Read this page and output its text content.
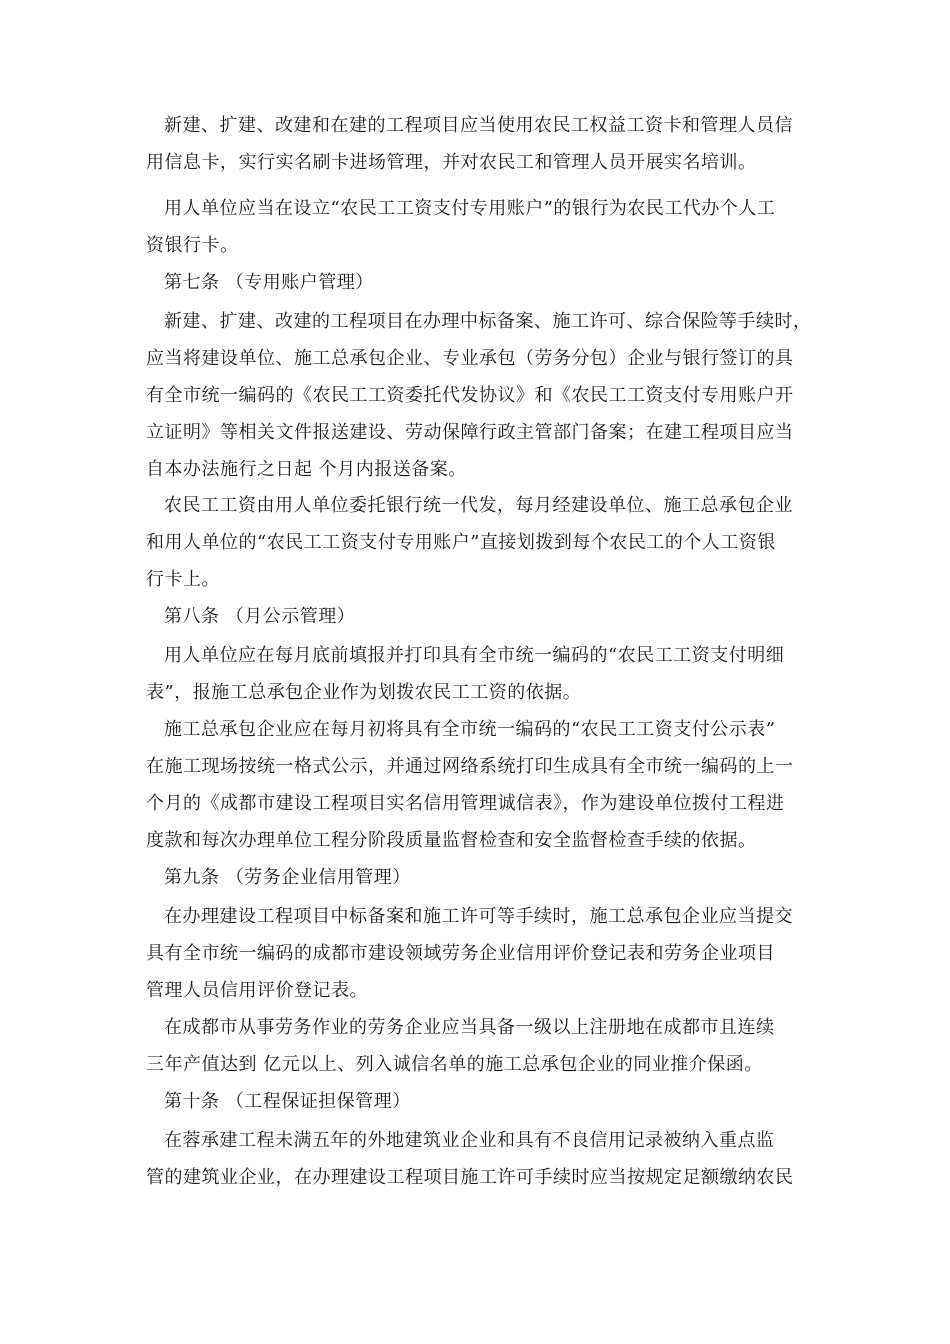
新建、扩建、改建和在建的工程项目应当使用农民工权益工资卡和管理人员信
用信息卡，实行实名刷卡进场管理，并对农民工和管理人员开展实名培训。
用人单位应当在设立“农民工工资支付专用账户”的银行为农民工代办个人工
资银行卡。
第七条 （专用账户管理）
新建、扩建、改建的工程项目在办理中标备案、施工许可、综合保险等手续时，
应当将建设单位、施工总承包企业、专业承包（劳务分包）企业与银行签订的具
有全市统一编码的《农民工工资委托代发协议》和《农民工工资支付专用账户开
立证明》等相关文件报送建设、劳动保障行政主管部门备案；在建工程项目应当
自本办法施行之日起 个月内报送备案。
农民工工资由用人单位委托银行统一代发，每月经建设单位、施工总承包企业
和用人单位的“农民工工资支付专用账户”直接划拨到每个农民工的个人工资银
行卡上。
第八条 （月公示管理）
用人单位应在每月底前填报并打印具有全市统一编码的“农民工工资支付明细
表”，报施工总承包企业作为划拨农民工工资的依据。
施工总承包企业应在每月初将具有全市统一编码的“农民工工资支付公示表”
在施工现场按统一格式公示，并通过网络系统打印生成具有全市统一编码的上一
个月的《成都市建设工程项目实名信用管理诚信表》，作为建设单位拨付工程进
度款和每次办理单位工程分阶段质量监督检查和安全监督检查手续的依据。
第九条 （劳务企业信用管理）
在办理建设工程项目中标备案和施工许可等手续时，施工总承包企业应当提交
具有全市统一编码的成都市建设领域劳务企业信用评价登记表和劳务企业项目
管理人员信用评价登记表。
在成都市从事劳务作业的劳务企业应当具备一级以上注册地在成都市且连续
三年产值达到 亿元以上、列入诚信名单的施工总承包企业的同业推介保函。
第十条 （工程保证担保管理）
在蓉承建工程未满五年的外地建筑业企业和具有不良信用记录被纳入重点监
管的建筑业企业，在办理建设工程项目施工许可手续时应当按规定足额缴纳农民
